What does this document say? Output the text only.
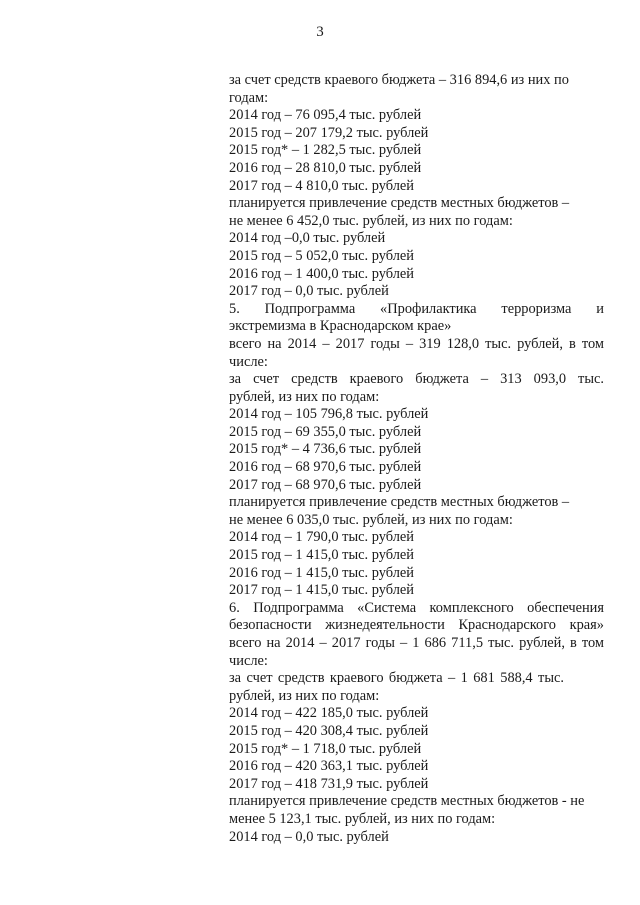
3
за счет средств краевого бюджета – 316 894,6 из них по
годам:
2014 год – 76 095,4 тыс. рублей
2015 год – 207 179,2 тыс. рублей
2015 год* – 1 282,5 тыс. рублей
2016 год – 28 810,0 тыс. рублей
2017 год – 4 810,0 тыс. рублей
планируется привлечение средств местных бюджетов –
не менее 6 452,0 тыс. рублей, из них по годам:
2014 год –0,0 тыс. рублей
2015 год – 5 052,0 тыс. рублей
2016 год – 1 400,0 тыс. рублей
2017 год – 0,0 тыс. рублей
5. Подпрограмма «Профилактика терроризма и
экстремизма в Краснодарском крае»
всего на 2014 – 2017 годы – 319 128,0 тыс. рублей, в том
числе:
за счет средств краевого бюджета – 313 093,0 тыс.
рублей, из них по годам:
2014 год – 105 796,8 тыс. рублей
2015 год – 69 355,0 тыс. рублей
2015 год* – 4 736,6 тыс. рублей
2016 год – 68 970,6 тыс. рублей
2017 год – 68 970,6 тыс. рублей
планируется привлечение средств местных бюджетов –
не менее 6 035,0 тыс. рублей, из них по годам:
2014 год – 1 790,0 тыс. рублей
2015 год – 1 415,0 тыс. рублей
2016 год – 1 415,0 тыс. рублей
2017 год – 1 415,0 тыс. рублей
6. Подпрограмма «Система комплексного обеспечения
безопасности жизнедеятельности Краснодарского края»
всего на 2014 – 2017 годы – 1 686 711,5 тыс. рублей, в том
числе:
за счет средств краевого бюджета – 1 681 588,4 тыс.
рублей, из них по годам:
2014 год – 422 185,0 тыс. рублей
2015 год – 420 308,4 тыс. рублей
2015 год* – 1 718,0 тыс. рублей
2016 год – 420 363,1 тыс. рублей
2017 год – 418 731,9 тыс. рублей
планируется привлечение средств местных бюджетов - не
менее 5 123,1 тыс. рублей, из них по годам:
2014 год – 0,0 тыс. рублей
